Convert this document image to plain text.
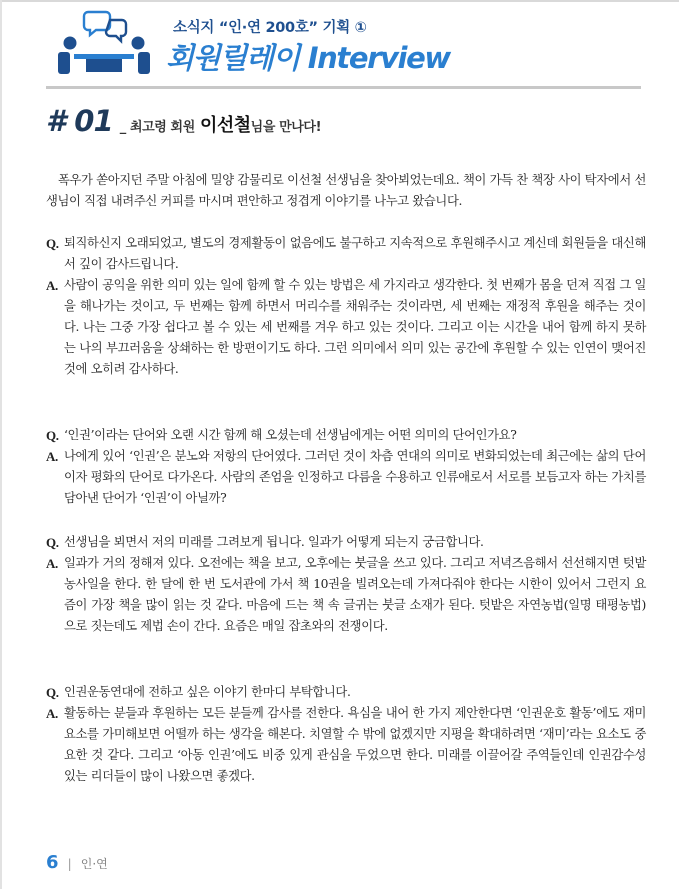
소식지 “인·연 200호” 기획 ①
회원릴레이 Interview
# 01 _ 최고령 회원 이선철님을 만나다!

폭우가 쏟아지던 주말 아침에 밀양 감물리로 이선철 선생님을 찾아뵈었는데요. 책이 가득 찬 책장 사이 탁자에서 선생님이 직접 내려주신 커피를 마시며 편안하고 정겹게 이야기를 나누고 왔습니다.

Q. 퇴직하신지 오래되었고, 별도의 경제활동이 없음에도 불구하고 지속적으로 후원해주시고 계신데 회원들을 대신해서 깊이 감사드립니다.
A. 사람이 공익을 위한 의미 있는 일에 함께 할 수 있는 방법은 세 가지라고 생각한다. 첫 번째가 몸을 던져 직접 그 일을 해나가는 것이고, 두 번째는 함께 하면서 머리수를 채워주는 것이라면, 세 번째는 재정적 후원을 해주는 것이다. 나는 그중 가장 쉽다고 볼 수 있는 세 번째를 겨우 하고 있는 것이다. 그리고 이는 시간을 내어 함께 하지 못하는 나의 부끄러움을 상쇄하는 한 방편이기도 하다. 그런 의미에서 의미 있는 공간에 후원할 수 있는 인연이 맺어진 것에 오히려 감사하다.
Q. ‘인권’이라는 단어와 오랜 시간 함께 해 오셨는데 선생님에게는 어떤 의미의 단어인가요?
A. 나에게 있어 ‘인권’은 분노와 저항의 단어였다. 그러던 것이 차츰 연대의 의미로 변화되었는데 최근에는 삶의 단어이자 평화의 단어로 다가온다. 사람의 존엄을 인정하고 다름을 수용하고 인류애로서 서로를 보듬고자 하는 가치를 담아낸 단어가 ‘인권’이 아닐까?
Q. 선생님을 뵈면서 저의 미래를 그려보게 됩니다. 일과가 어떻게 되는지 궁금합니다.
A. 일과가 거의 정해져 있다. 오전에는 책을 보고, 오후에는 붓글을 쓰고 있다. 그리고 저녁즈음해서 선선해지면 텃밭 농사일을 한다. 한 달에 한 번 도서관에 가서 책 10권을 빌려오는데 가져다줘야 한다는 시한이 있어서 그런지 요즘이 가장 책을 많이 읽는 것 같다. 마음에 드는 책 속 글귀는 붓글 소재가 된다. 텃밭은 자연농법(일명 태평농법)으로 짓는데도 제법 손이 간다. 요즘은 매일 잡초와의 전쟁이다.
Q. 인권운동연대에 전하고 싶은 이야기 한마디 부탁합니다.
A. 활동하는 분들과 후원하는 모든 분들께 감사를 전한다. 욕심을 내어 한 가지 제안한다면 ‘인권운호 활동’에도 재미 요소를 가미해보면 어떨까 하는 생각을 해본다. 치열할 수 밖에 없겠지만 지평을 확대하려면 ‘재미’라는 요소도 중요한 것 같다. 그리고 ‘아동 인권’에도 비중 있게 관심을 두었으면 한다. 미래를 이끌어갈 주역들인데 인권감수성 있는 리더들이 많이 나왔으면 좋겠다.
6 | 인·연
